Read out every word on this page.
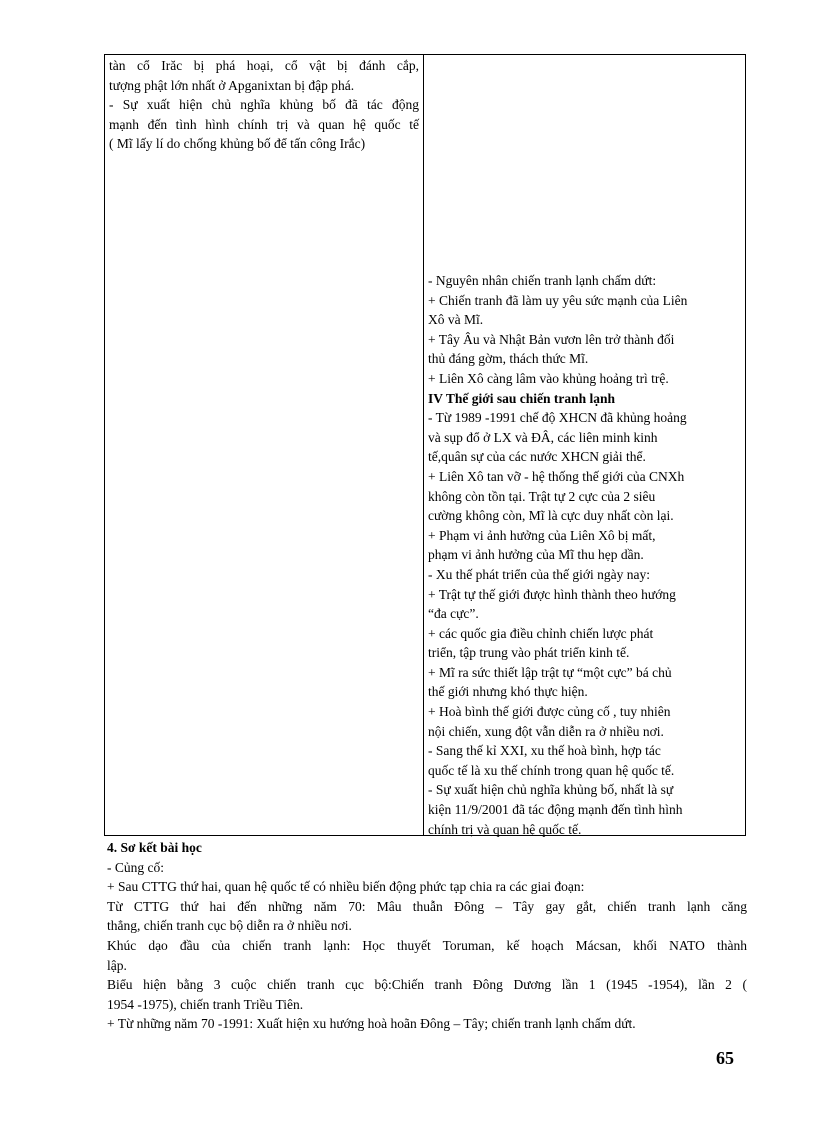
tàn cổ Irăc bị phá hoại, cổ vật bị đánh cắp,
tượng phật lớn nhất ở Apganixtan bị đập phá.
- Sự xuất hiện chủ nghĩa khủng bố đã tác động
mạnh đến tình hình chính trị và quan hệ quốc tế
( Mĩ lấy lí do chống khủng bố để tấn công Irắc)
- Nguyên nhân chiến tranh lạnh chấm dứt:
+ Chiến tranh đã làm uy yêu sức mạnh của Liên
Xô và Mĩ.
+ Tây Âu và Nhật Bản vươn lên trở thành đối
thủ đáng gờm, thách thức Mĩ.
+ Liên Xô càng lâm vào khủng hoảng trì trệ.
IV Thế giới sau chiến tranh lạnh
- Từ 1989 -1991 chế độ XHCN đã khủng hoảng
và sụp đổ ở LX và ĐÂ, các liên minh kinh
tế,quân sự của các nước XHCN giải thể.
+ Liên Xô tan vỡ - hệ thống thế giới của CNXh
không còn tồn tại. Trật tự 2 cực của 2 siêu
cường không còn, Mĩ là cực duy nhất còn lại.
+ Phạm vi ảnh hưởng của Liên Xô bị mất,
phạm vi ảnh hưởng của Mĩ thu hẹp dần.
- Xu thế phát triển của thế giới ngày nay:
+ Trật tự thế giới được hình thành theo hướng
“đa cực”.
+ các quốc gia điều chỉnh chiến lược phát
triển, tập trung vào phát triển kinh tế.
+ Mĩ ra sức thiết lập trật tự “một cực” bá chủ
thế giới nhưng khó thực hiện.
+ Hoà bình thế giới được củng cố , tuy nhiên
nội chiến, xung đột vẫn diễn ra ở nhiều nơi.
- Sang thế kỉ XXI, xu thế hoà bình, hợp tác
quốc tế là xu thế chính trong quan hệ quốc tế.
- Sự xuất hiện chủ nghĩa khủng bố, nhất là sự
kiện 11/9/2001 đã tác động mạnh đến tình hình
chính trị và quan hệ quốc tế.
4. Sơ kết bài học
- Củng cố:
+ Sau CTTG thứ hai, quan hệ quốc tế có nhiều biến động phức tạp chia ra các giai đoạn:
Từ CTTG thứ hai đến những năm 70: Mâu thuẫn Đông – Tây gay gắt, chiến tranh lạnh căng
thẳng, chiến tranh cục bộ diễn ra ở nhiều nơi.
Khúc dạo đầu của chiến tranh lạnh: Học thuyết Toruman, kế hoạch Mácsan, khối NATO thành
lập.
Biểu hiện bằng 3 cuộc chiến tranh cục bộ:Chiến tranh Đông Dương lần 1 (1945 -1954), lần 2 (
1954 -1975), chiến tranh Triều Tiên.
+ Từ những năm 70 -1991: Xuất hiện xu hướng hoà hoãn Đông – Tây; chiến tranh lạnh chấm dứt.
65
